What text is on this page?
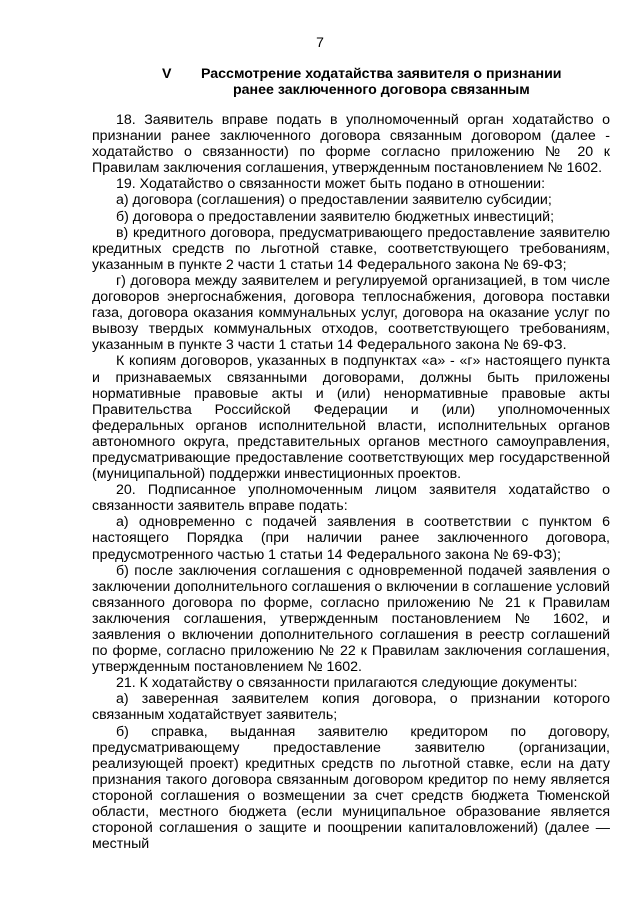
7
V Рассмотрение ходатайства заявителя о признании
ранее заключенного договора связанным

18. Заявитель вправе подать в уполномоченный орган ходатайство о признании ранее заключенного договора связанным договором (далее - ходатайство о связанности) по форме согласно приложению № 20 к Правилам заключения соглашения, утвержденным постановлением № 1602.

19. Ходатайство о связанности может быть подано в отношении:

а) договора (соглашения) о предоставлении заявителю субсидии;

б) договора о предоставлении заявителю бюджетных инвестиций;

в) кредитного договора, предусматривающего предоставление заявителю кредитных средств по льготной ставке, соответствующего требованиям, указанным в пункте 2 части 1 статьи 14 Федерального закона № 69-ФЗ;

г) договора между заявителем и регулируемой организацией, в том числе договоров энергоснабжения, договора теплоснабжения, договора поставки газа, договора оказания коммунальных услуг, договора на оказание услуг по вывозу твердых коммунальных отходов, соответствующего требованиям, указанным в пункте 3 части 1 статьи 14 Федерального закона № 69-ФЗ.

К копиям договоров, указанных в подпунктах «а» - «г» настоящего пункта и признаваемых связанными договорами, должны быть приложены нормативные правовые акты и (или) ненормативные правовые акты Правительства Российской Федерации и (или) уполномоченных федеральных органов исполнительной власти, исполнительных органов автономного округа, представительных органов местного самоуправления, предусматривающие предоставление соответствующих мер государственной (муниципальной) поддержки инвестиционных проектов.

20. Подписанное уполномоченным лицом заявителя ходатайство о связанности заявитель вправе подать:

а) одновременно с подачей заявления в соответствии с пунктом 6 настоящего Порядка (при наличии ранее заключенного договора, предусмотренного частью 1 статьи 14 Федерального закона № 69-ФЗ);

б) после заключения соглашения с одновременной подачей заявления о заключении дополнительного соглашения о включении в соглашение условий связанного договора по форме, согласно приложению № 21 к Правилам заключения соглашения, утвержденным постановлением № 1602, и заявления о включении дополнительного соглашения в реестр соглашений по форме, согласно приложению № 22 к Правилам заключения соглашения, утвержденным постановлением № 1602.

21. К ходатайству о связанности прилагаются следующие документы:

а) заверенная заявителем копия договора, о признании которого связанным ходатайствует заявитель;

б) справка, выданная заявителю кредитором по договору, предусматривающему предоставление заявителю (организации, реализующей проект) кредитных средств по льготной ставке, если на дату признания такого договора связанным договором кредитор по нему является стороной соглашения о возмещении за счет средств бюджета Тюменской области, местного бюджета (если муниципальное образование является стороной соглашения о защите и поощрении капиталовложений) (далее — местный
